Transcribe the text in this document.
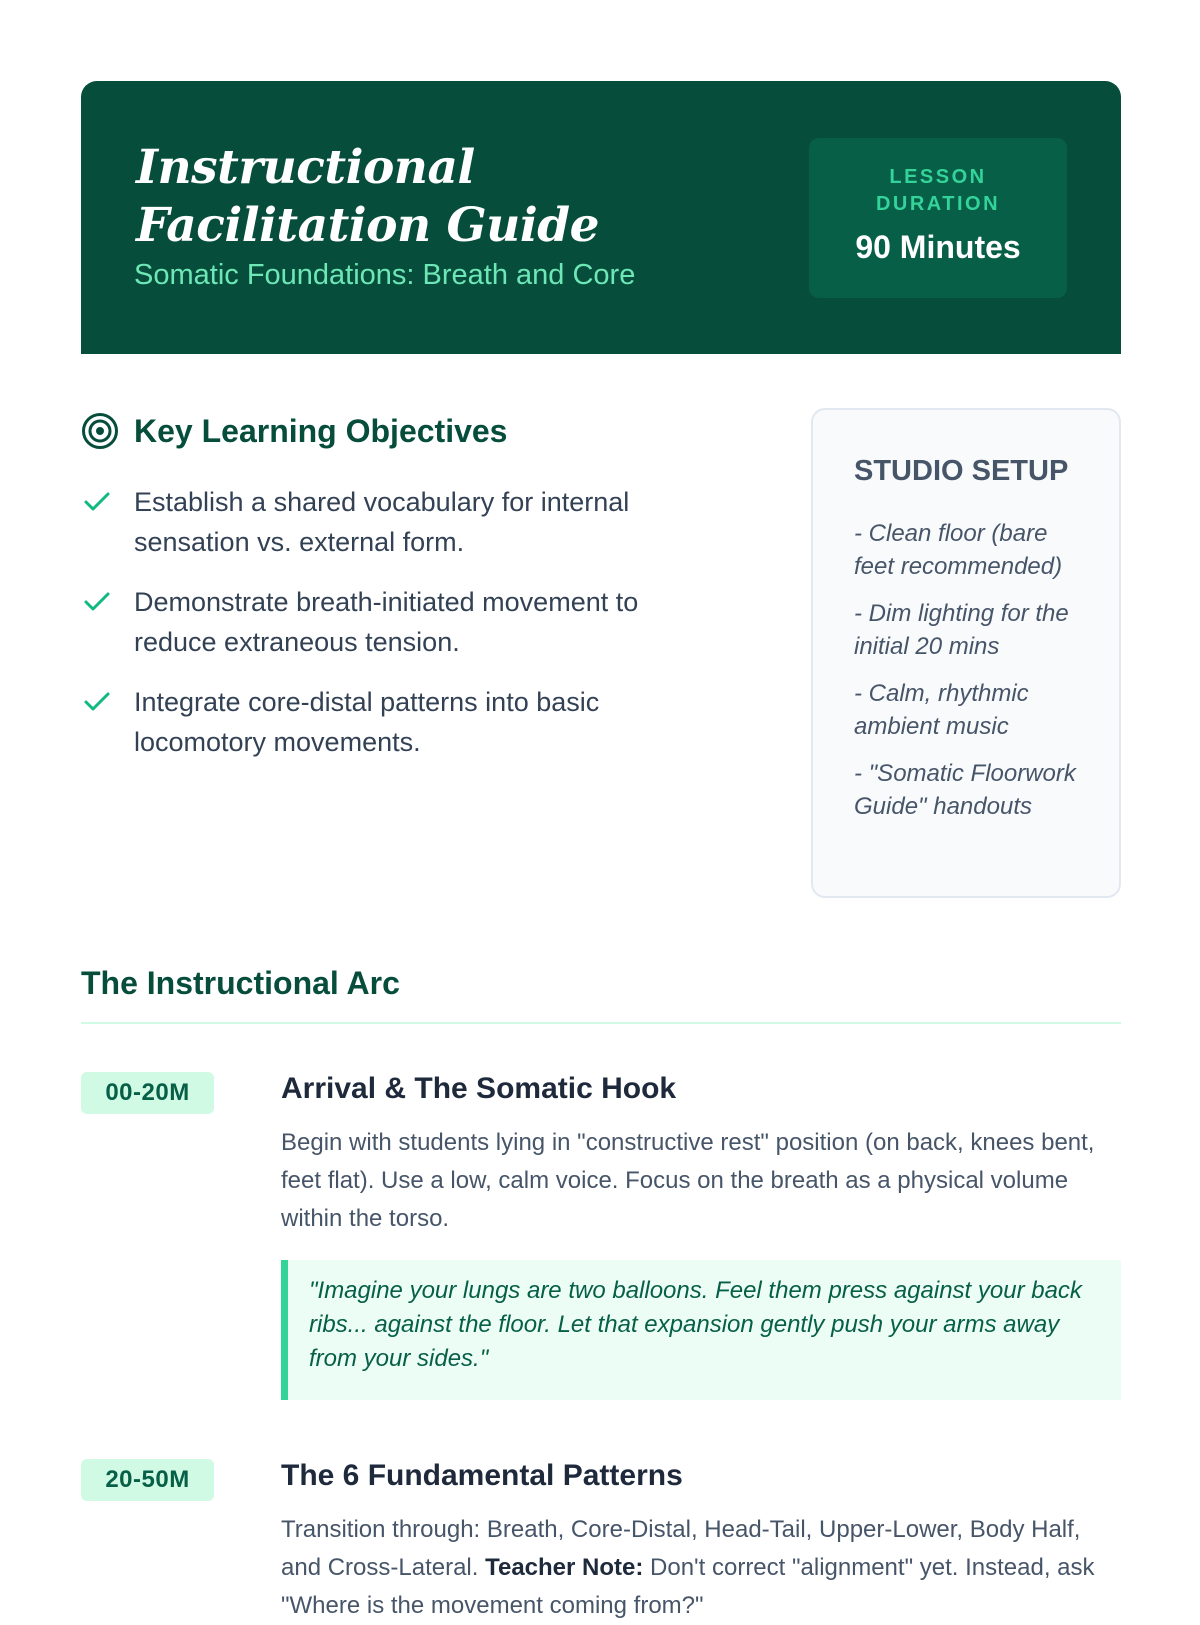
Instructional Facilitation Guide

Somatic Foundations: Breath and Core

LESSON DURATION
90 Minutes
Key Learning Objectives
Establish a shared vocabulary for internal sensation vs. external form.
Demonstrate breath-initiated movement to reduce extraneous tension.
Integrate core-distal patterns into basic locomotory movements.
STUDIO SETUP
- Clean floor (bare feet recommended)
- Dim lighting for the initial 20 mins
- Calm, rhythmic ambient music
- "Somatic Floorwork Guide" handouts
The Instructional Arc
00-20M	Arrival & The Somatic Hook
Begin with students lying in "constructive rest" position (on back, knees bent, feet flat). Use a low, calm voice. Focus on the breath as a physical volume within the torso.
"Imagine your lungs are two balloons. Feel them press against your back ribs... against the floor. Let that expansion gently push your arms away from your sides."
20-50M	The 6 Fundamental Patterns
Transition through: Breath, Core-Distal, Head-Tail, Upper-Lower, Body Half, and Cross-Lateral. Teacher Note: Don't correct "alignment" yet. Instead, ask "Where is the movement coming from?"
